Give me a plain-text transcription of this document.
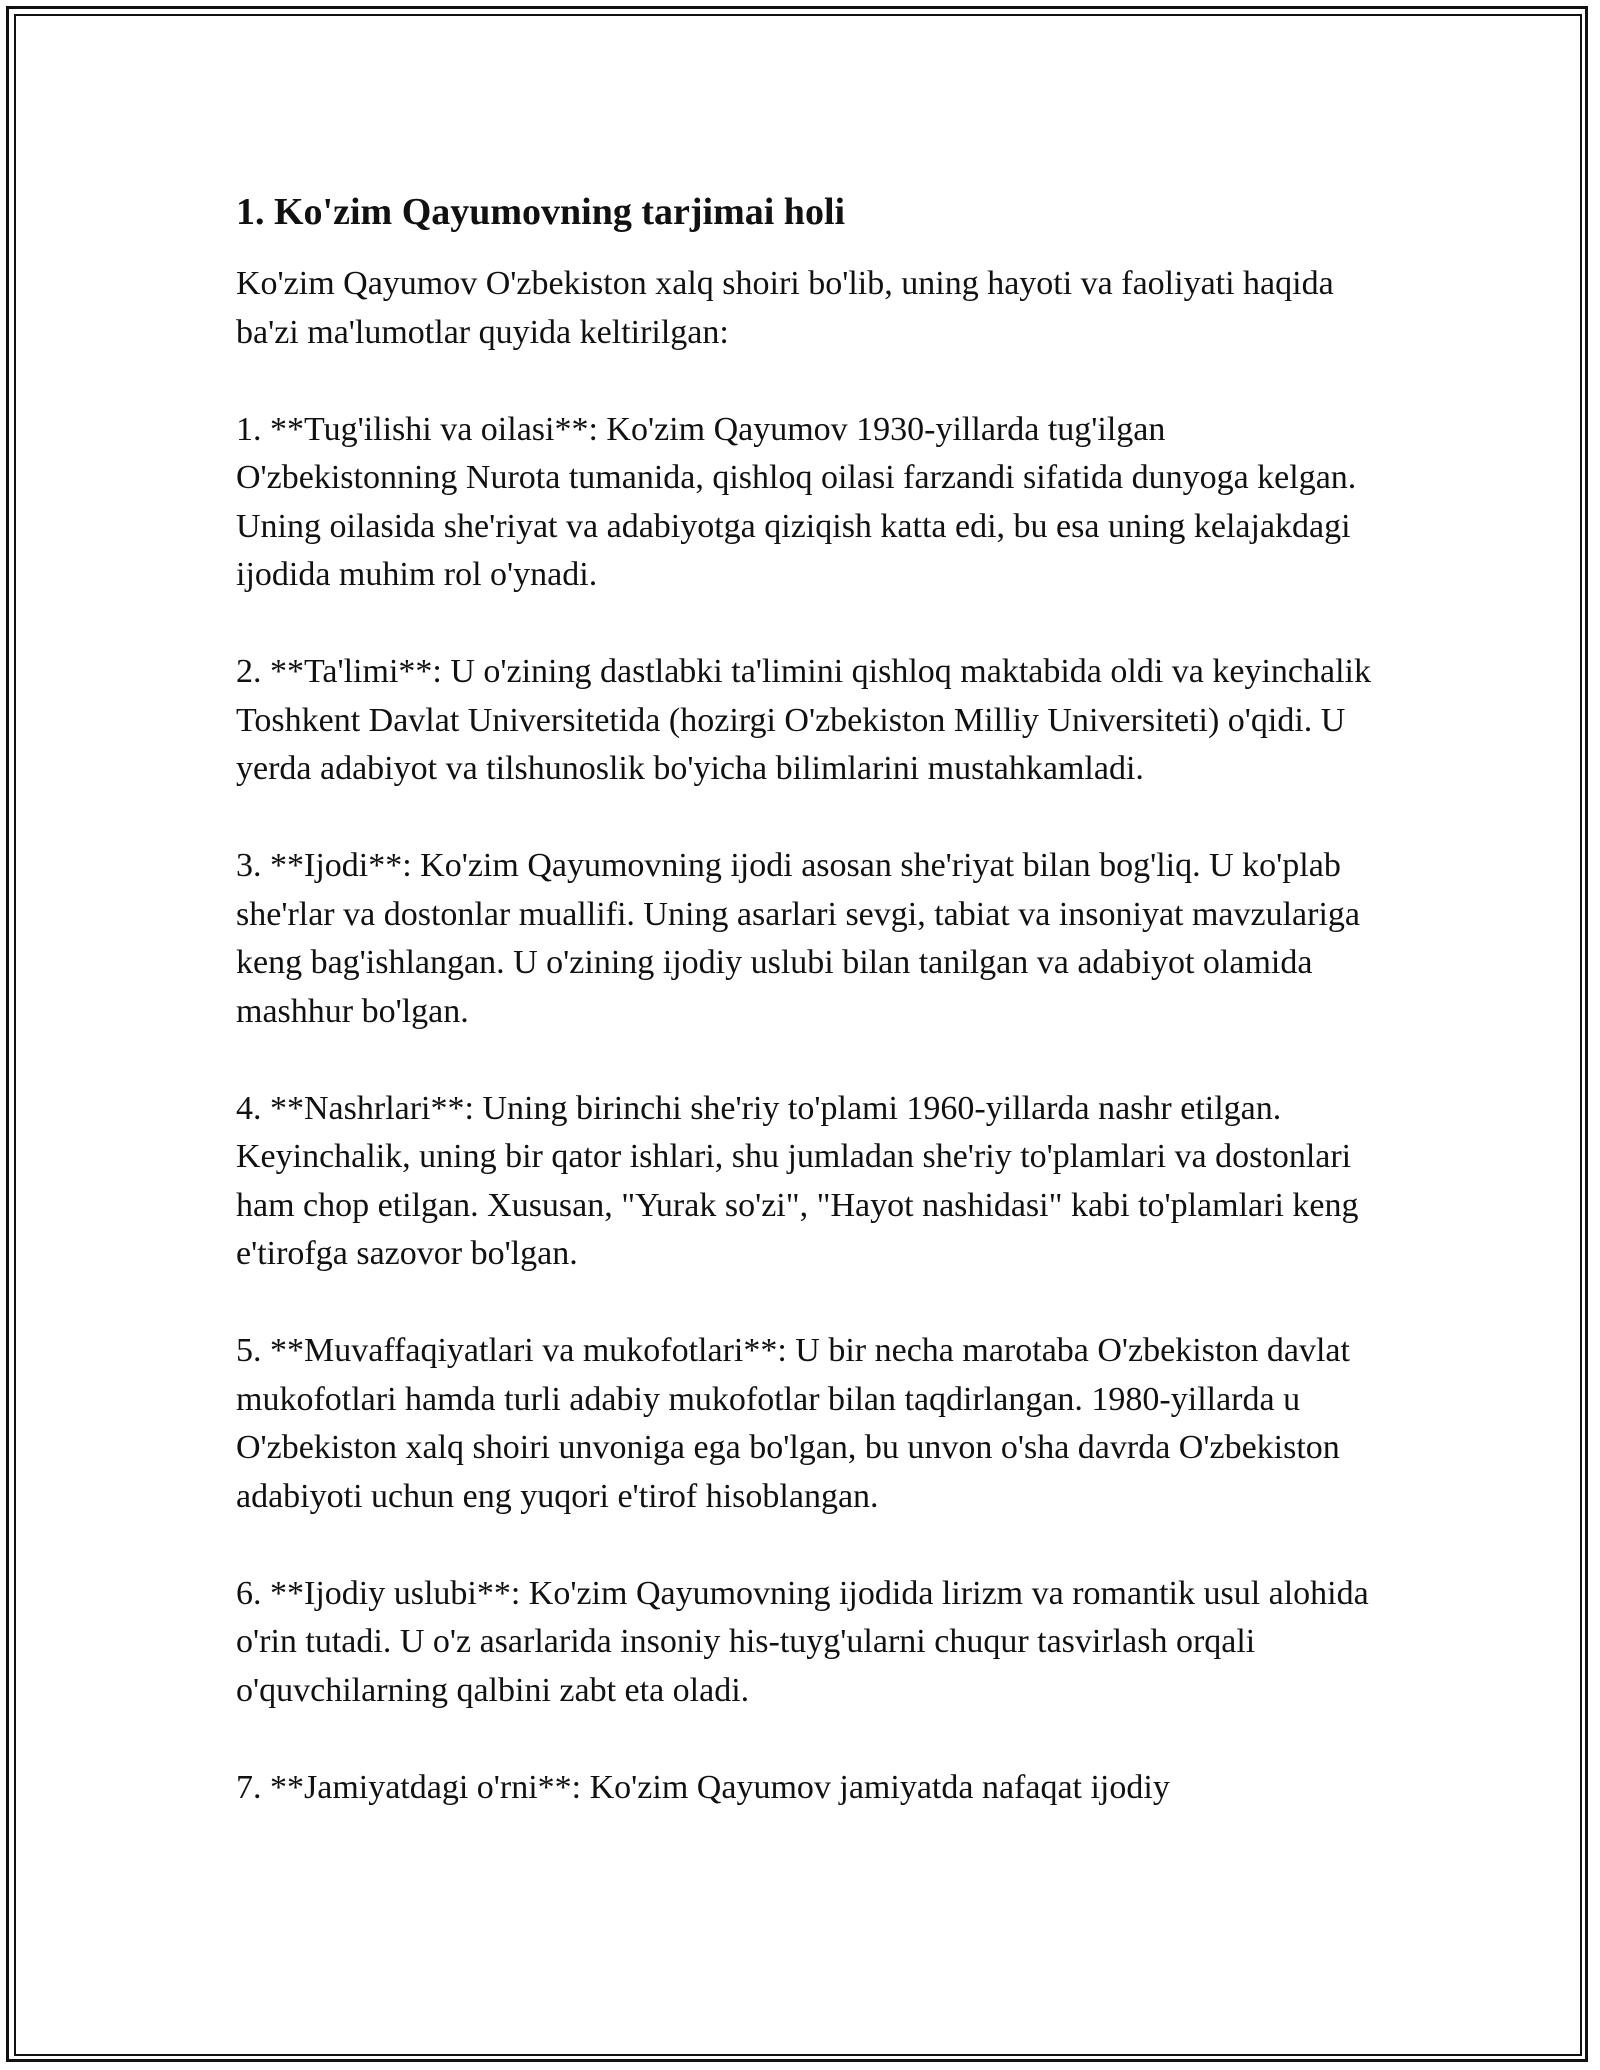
1. Ko'zim Qayumovning tarjimai holi

Ko'zim Qayumov O'zbekiston xalq shoiri bo'lib, uning hayoti va faoliyati haqida ba'zi ma'lumotlar quyida keltirilgan:

1. **Tug'ilishi va oilasi**: Ko'zim Qayumov 1930-yillarda tug'ilgan O'zbekistonning Nurota tumanida, qishloq oilasi farzandi sifatida dunyoga kelgan. Uning oilasida she'riyat va adabiyotga qiziqish katta edi, bu esa uning kelajakdagi ijodida muhim rol o'ynadi.

2. **Ta'limi**: U o'zining dastlabki ta'limini qishloq maktabida oldi va keyinchalik Toshkent Davlat Universitetida (hozirgi O'zbekiston Milliy Universiteti) o'qidi. U yerda adabiyot va tilshunoslik bo'yicha bilimlarini mustahkamladi.

3. **Ijodi**: Ko'zim Qayumovning ijodi asosan she'riyat bilan bog'liq. U ko'plab she'rlar va dostonlar muallifi. Uning asarlari sevgi, tabiat va insoniyat mavzulariga keng bag'ishlangan. U o'zining ijodiy uslubi bilan tanilgan va adabiyot olamida mashhur bo'lgan.

4. **Nashrlari**: Uning birinchi she'riy to'plami 1960-yillarda nashr etilgan. Keyinchalik, uning bir qator ishlari, shu jumladan she'riy to'plamlari va dostonlari ham chop etilgan. Xususan, "Yurak so'zi", "Hayot nashidasi" kabi to'plamlari keng e'tirofga sazovor bo'lgan.

5. **Muvaffaqiyatlari va mukofotlari**: U bir necha marotaba O'zbekiston davlat mukofotlari hamda turli adabiy mukofotlar bilan taqdirlangan. 1980-yillarda u O'zbekiston xalq shoiri unvoniga ega bo'lgan, bu unvon o'sha davrda O'zbekiston adabiyoti uchun eng yuqori e'tirof hisoblangan.

6. **Ijodiy uslubi**: Ko'zim Qayumovning ijodida lirizm va romantik usul alohida o'rin tutadi. U o'z asarlarida insoniy his-tuyg'ularni chuqur tasvirlash orqali o'quvchilarning qalbini zabt eta oladi.

7. **Jamiyatdagi o'rni**: Ko'zim Qayumov jamiyatda nafaqat ijodiy
